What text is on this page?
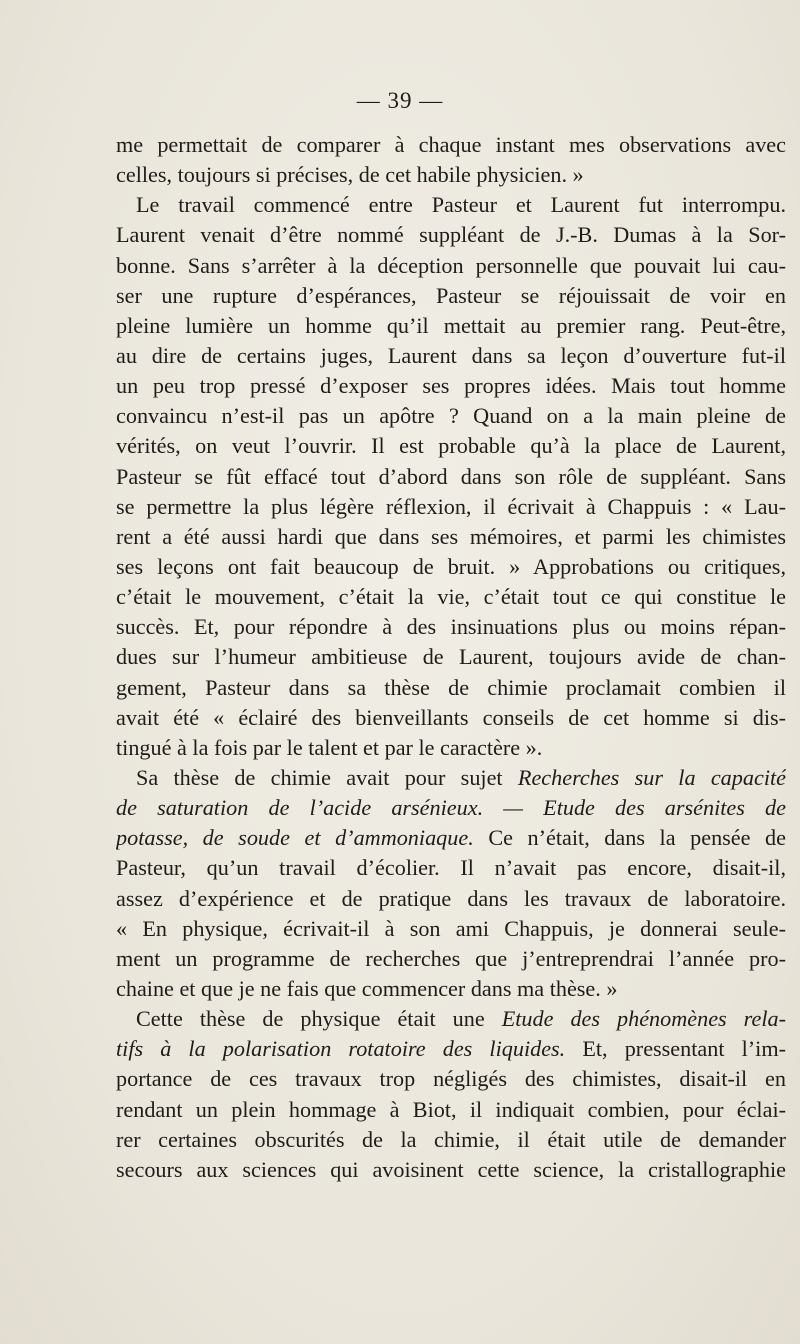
— 39 —
me permettait de comparer à chaque instant mes observations avec
celles, toujours si précises, de cet habile physicien. »
Le travail commencé entre Pasteur et Laurent fut interrompu.
Laurent venait d’être nommé suppléant de J.-B. Dumas à la Sor-
bonne. Sans s’arrêter à la déception personnelle que pouvait lui cau-
ser une rupture d’espérances, Pasteur se réjouissait de voir en
pleine lumière un homme qu’il mettait au premier rang. Peut-être,
au dire de certains juges, Laurent dans sa leçon d’ouverture fut-il
un peu trop pressé d’exposer ses propres idées. Mais tout homme
convaincu n’est-il pas un apôtre ? Quand on a la main pleine de
vérités, on veut l’ouvrir. Il est probable qu’à la place de Laurent,
Pasteur se fût effacé tout d’abord dans son rôle de suppléant. Sans
se permettre la plus légère réflexion, il écrivait à Chappuis : « Lau-
rent a été aussi hardi que dans ses mémoires, et parmi les chimistes
ses leçons ont fait beaucoup de bruit. » Approbations ou critiques,
c’était le mouvement, c’était la vie, c’était tout ce qui constitue le
succès. Et, pour répondre à des insinuations plus ou moins répan-
dues sur l’humeur ambitieuse de Laurent, toujours avide de chan-
gement, Pasteur dans sa thèse de chimie proclamait combien il
avait été « éclairé des bienveillants conseils de cet homme si dis-
tingué à la fois par le talent et par le caractère ».
Sa thèse de chimie avait pour sujet Recherches sur la capacité
de saturation de l’acide arsénieux. — Etude des arsénites de
potasse, de soude et d’ammoniaque. Ce n’était, dans la pensée de
Pasteur, qu’un travail d’écolier. Il n’avait pas encore, disait-il,
assez d’expérience et de pratique dans les travaux de laboratoire.
« En physique, écrivait-il à son ami Chappuis, je donnerai seule-
ment un programme de recherches que j’entreprendrai l’année pro-
chaine et que je ne fais que commencer dans ma thèse. »
Cette thèse de physique était une Etude des phénomènes rela-
tifs à la polarisation rotatoire des liquides. Et, pressentant l’im-
portance de ces travaux trop négligés des chimistes, disait-il en
rendant un plein hommage à Biot, il indiquait combien, pour éclai-
rer certaines obscurités de la chimie, il était utile de demander
secours aux sciences qui avoisinent cette science, la cristallographie
